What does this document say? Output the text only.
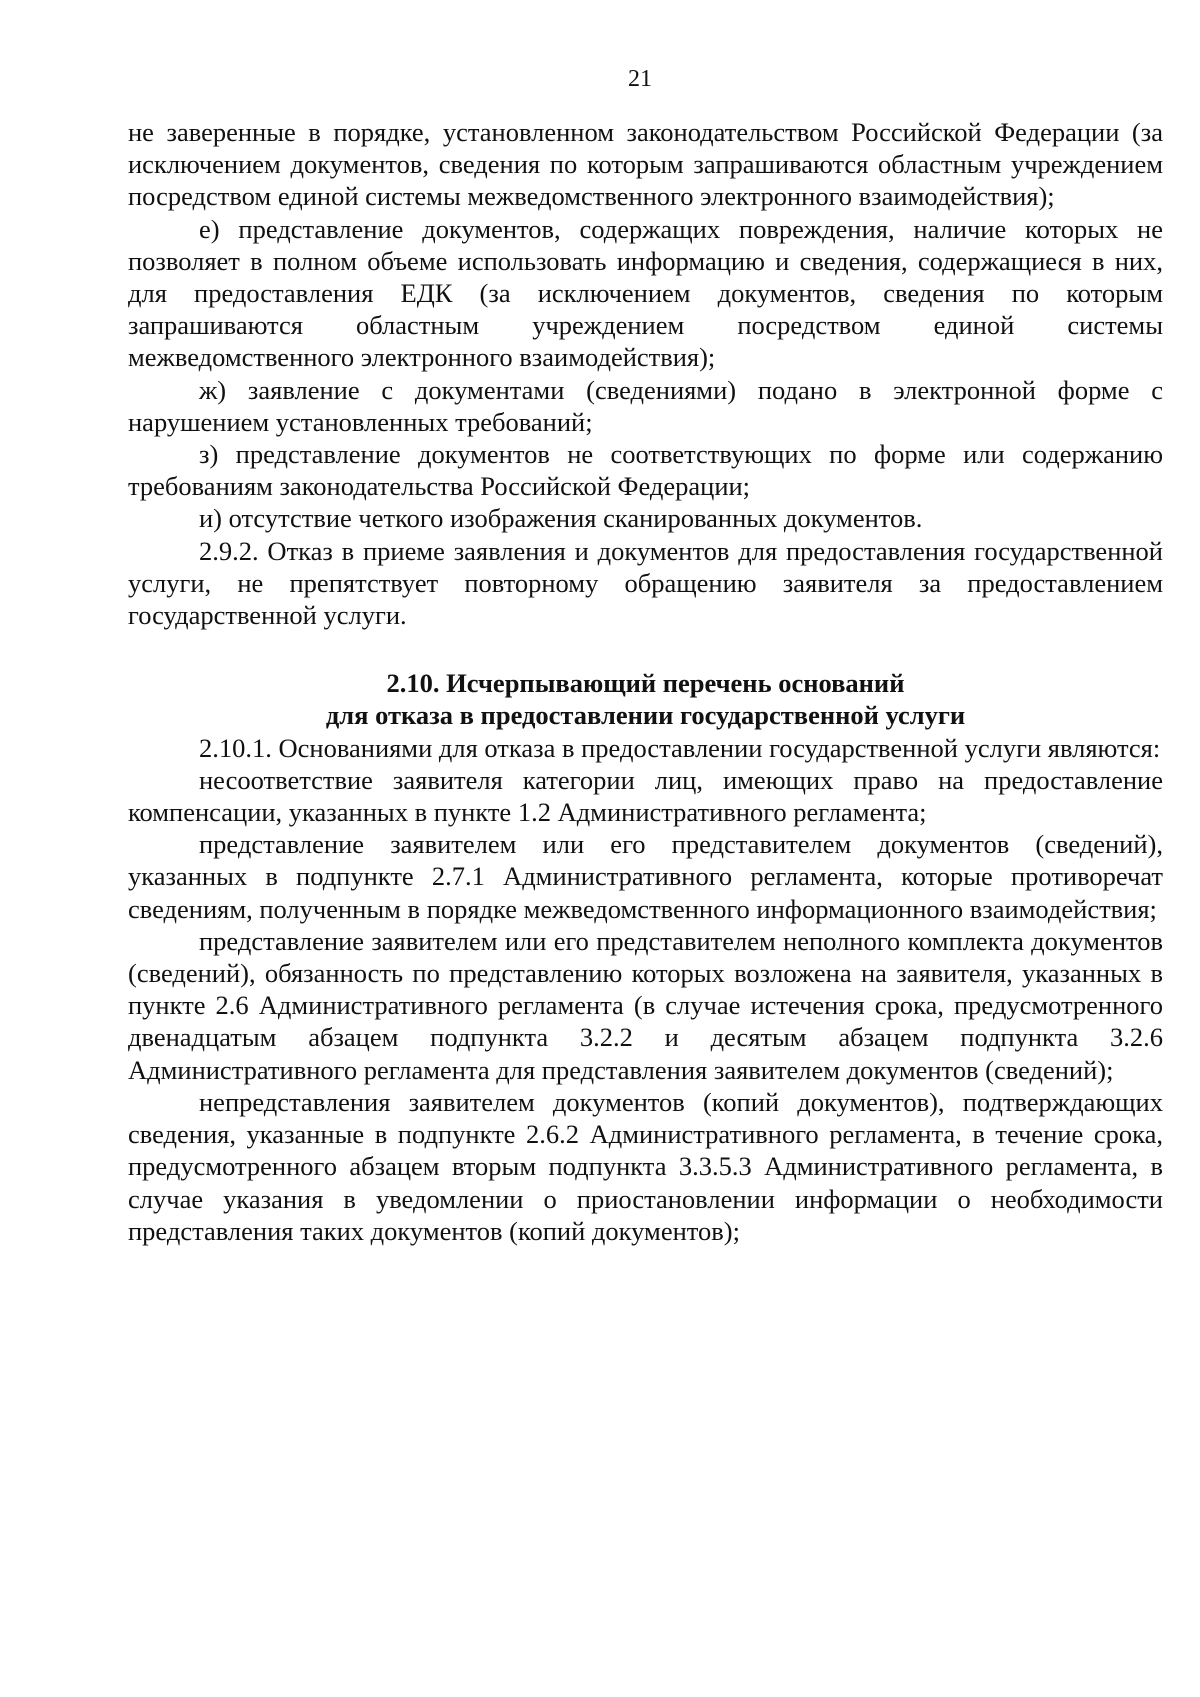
21

не заверенные в порядке, установленном законодательством Российской Федерации (за исключением документов, сведения по которым запрашиваются областным учреждением посредством единой системы межведомственного электронного взаимодействия);

е) представление документов, содержащих повреждения, наличие которых не позволяет в полном объеме использовать информацию и сведения, содержащиеся в них, для предоставления ЕДК (за исключением документов, сведения по которым запрашиваются областным учреждением посредством единой системы межведомственного электронного взаимодействия);

ж) заявление с документами (сведениями) подано в электронной форме с нарушением установленных требований;

з) представление документов не соответствующих по форме или содержанию требованиям законодательства Российской Федерации;

и) отсутствие четкого изображения сканированных документов.

2.9.2. Отказ в приеме заявления и документов для предоставления государственной услуги, не препятствует повторному обращению заявителя за предоставлением государственной услуги.

2.10. Исчерпывающий перечень оснований

для отказа в предоставлении государственной услуги

2.10.1. Основаниями для отказа в предоставлении государственной услуги являются:

несоответствие заявителя категории лиц, имеющих право на предоставление компенсации, указанных в пункте 1.2 Административного регламента;

представление заявителем или его представителем документов (сведений), указанных в подпункте 2.7.1 Административного регламента, которые противоречат сведениям, полученным в порядке межведомственного информационного взаимодействия;

представление заявителем или его представителем неполного комплекта документов (сведений), обязанность по представлению которых возложена на заявителя, указанных в пункте 2.6 Административного регламента (в случае истечения срока, предусмотренного двенадцатым абзацем подпункта 3.2.2 и десятым абзацем подпункта 3.2.6 Административного регламента для представления заявителем документов (сведений);

непредставления заявителем документов (копий документов), подтверждающих сведения, указанные в подпункте 2.6.2 Административного регламента, в течение срока, предусмотренного абзацем вторым подпункта 3.3.5.3 Административного регламента, в случае указания в уведомлении о приостановлении информации о необходимости представления таких документов (копий документов);
